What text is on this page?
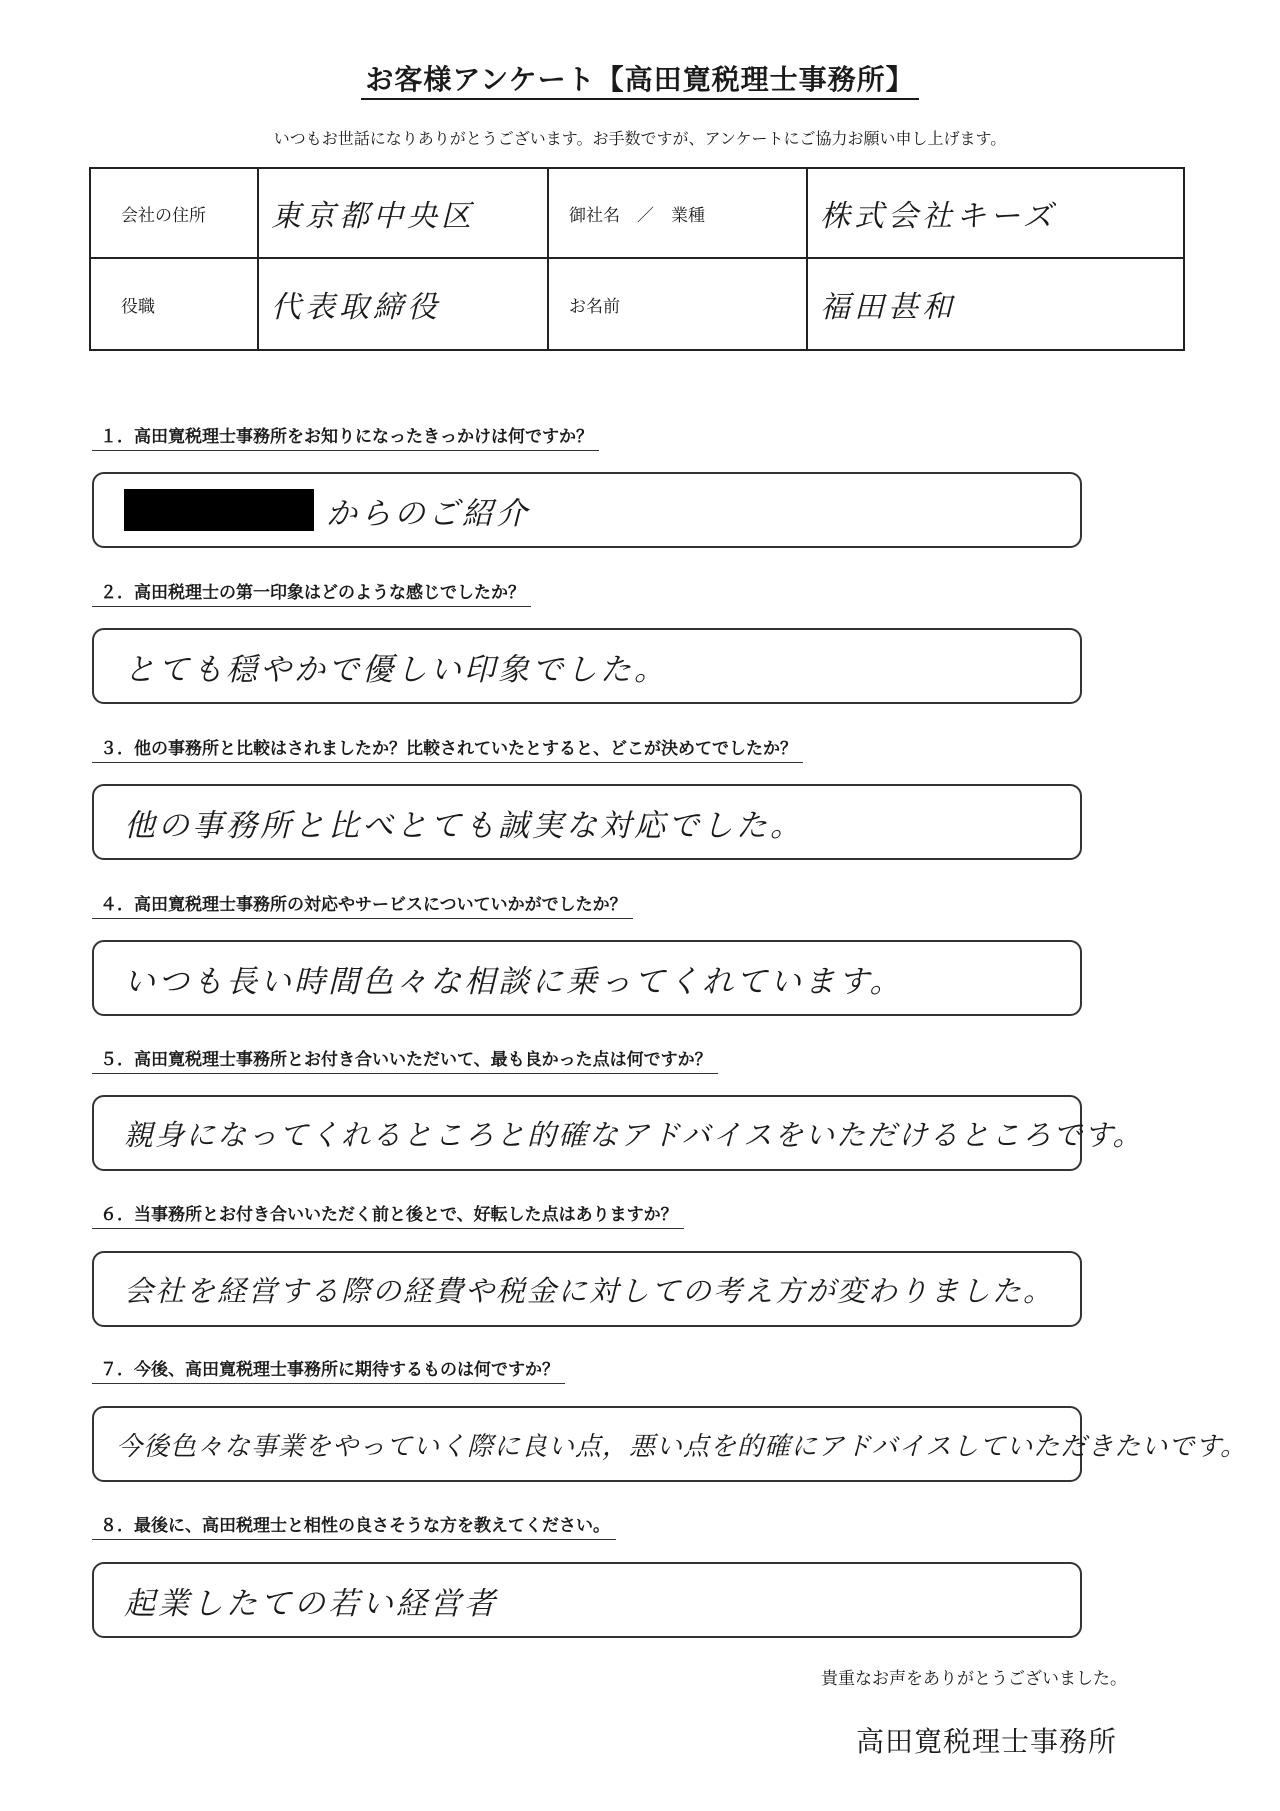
お客様アンケート【高田寛税理士事務所】
いつもお世話になりありがとうございます。お手数ですが、アンケートにご協力お願い申し上げます。
会社の住所	東京都中央区	御社名　／　業種	株式会社キーズ
役職	代表取締役	お名前	福田甚和
１．高田寛税理士事務所をお知りになったきっかけは何ですか？
からのご紹介
２．高田税理士の第一印象はどのような感じでしたか？
とても穏やかで優しい印象でした。
３．他の事務所と比較はされましたか？比較されていたとすると、どこが決めてでしたか？
他の事務所と比べとても誠実な対応でした。
４．高田寛税理士事務所の対応やサービスについていかがでしたか？
いつも長い時間色々な相談に乗ってくれています。
５．高田寛税理士事務所とお付き合いいただいて、最も良かった点は何ですか？
親身になってくれるところと的確なアドバイスをいただけるところです。
６．当事務所とお付き合いいただく前と後とで、好転した点はありますか？
会社を経営する際の経費や税金に対しての考え方が変わりました。
７．今後、高田寛税理士事務所に期待するものは何ですか？
今後色々な事業をやっていく際に良い点，悪い点を的確にアドバイスしていただきたいです。
８．最後に、高田税理士と相性の良さそうな方を教えてください。
起業したての若い経営者
貴重なお声をありがとうございました。
高田寛税理士事務所
